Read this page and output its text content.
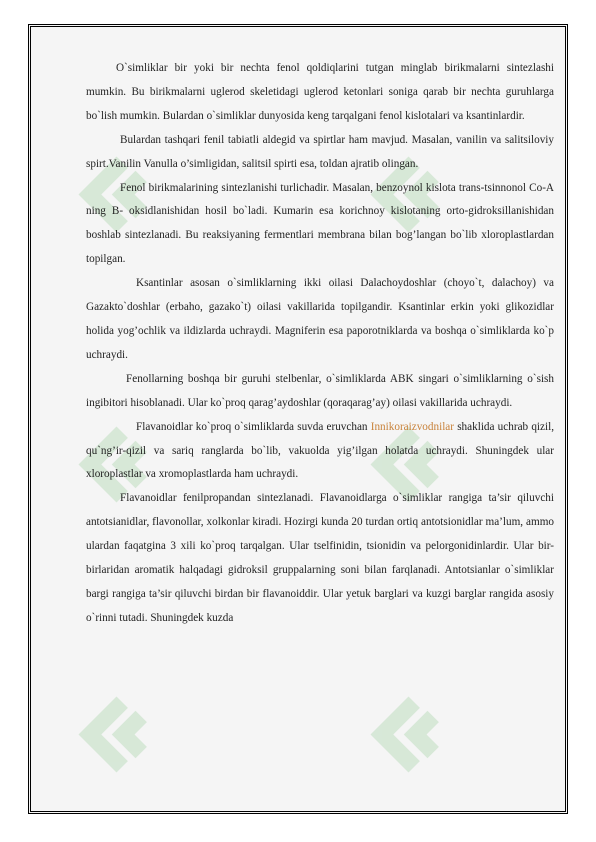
O`simliklar bir yoki bir nechta fenol qoldiqlarini tutgan minglab birikmalarni sintezlashi mumkin. Bu birikmalarni uglerod skeletidagi uglerod ketonlari soniga qarab bir nechta guruhlarga bo`lish mumkin. Bulardan o`simliklar dunyosida keng tarqalgani fenol kislotalari va ksantinlardir.

Bulardan tashqari fenil tabiatli aldegid va spirtlar ham mavjud. Masalan, vanilin va salitsiloviy spirt.Vanilin Vanulla o’simligidan, salitsil spirti esa, toldan ajratib olingan.

Fenol birikmalarining sintezlanishi turlichadir. Masalan, benzoynol kislota trans-tsinnonol Co-A ning B- oksidlanishidan hosil bo`ladi. Kumarin esa korichnoy kislotaning orto-gidroksillanishidan boshlab sintezlanadi. Bu reaksiyaning fermentlari membrana bilan bog’langan bo`lib xloroplastlardan topilgan.

Ksantinlar asosan o`simliklarning ikki oilasi Dalachoydoshlar (choyo`t, dalachoy) va Gazakto`doshlar (erbaho, gazako`t) oilasi vakillarida topilgandir. Ksantinlar erkin yoki glikozidlar holida yog’ochlik va ildizlarda uchraydi. Magniferin esa paporotniklarda va boshqa o`simliklarda ko`p uchraydi.

Fenollarning boshqa bir guruhi stelbenlar, o`simliklarda ABK singari o`simliklarning o`sish ingibitori hisoblanadi. Ular ko`proq qarag’aydoshlar (qoraqarag’ay) oilasi vakillarida uchraydi.

Flavanoidlar ko`proq o`simliklarda suvda eruvchan Innikoraizvodnilar shaklida uchrab qizil, qu`ng’ir-qizil va sariq ranglarda bo`lib, vakuolda yig’ilgan holatda uchraydi. Shuningdek ular xloroplastlar va xromoplastlarda ham uchraydi.

Flavanoidlar fenilpropandan sintezlanadi. Flavanoidlarga o`simliklar rangiga ta’sir qiluvchi antotsianidlar, flavonollar, xolkonlar kiradi. Hozirgi kunda 20 turdan ortiq antotsionidlar ma’lum, ammo ulardan faqatgina 3 xili ko`proq tarqalgan. Ular tselfinidin, tsionidin va pelorgonidinlardir. Ular bir-birlaridan aromatik halqadagi gidroksil gruppalarning soni bilan farqlanadi. Antotsianlar o`simliklar bargi rangiga ta’sir qiluvchi birdan bir flavanoiddir. Ular yetuk barglari va kuzgi barglar rangida asosiy o`rinni tutadi. Shuningdek kuzda
